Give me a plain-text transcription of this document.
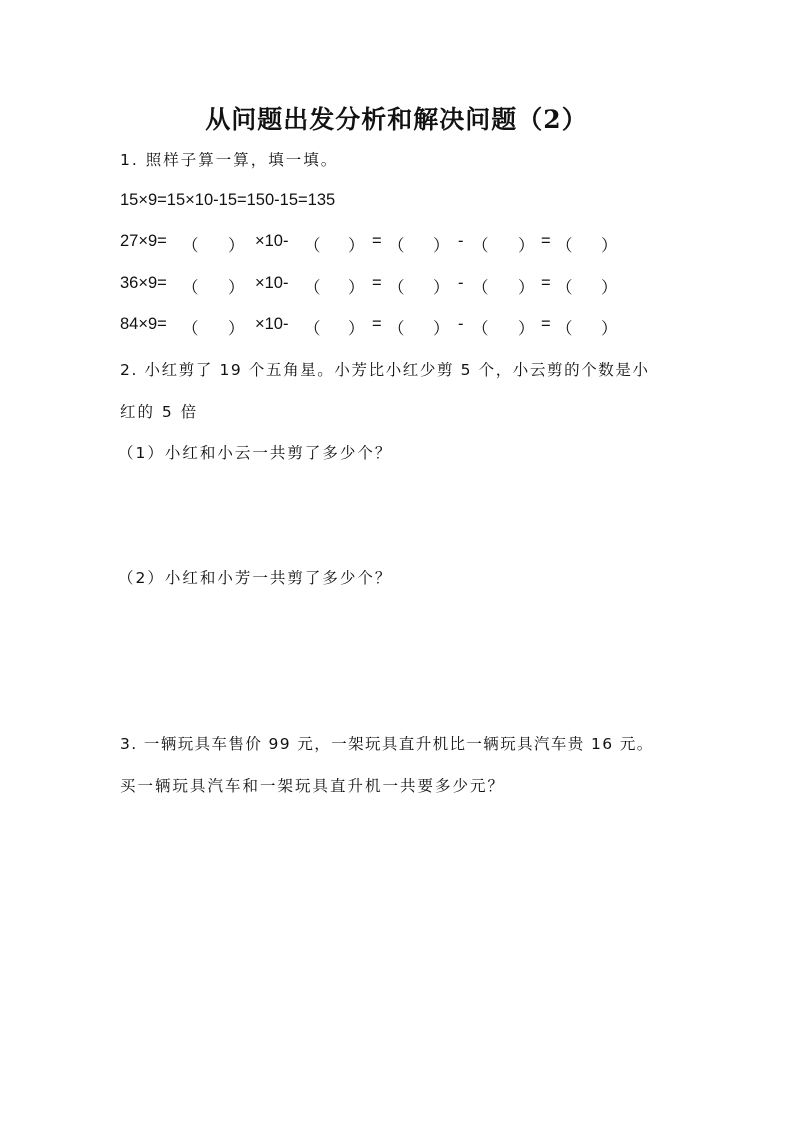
从问题出发分析和解决问题（2）
1. 照样子算一算，填一填。
15×9=15×10-15=150-15=135
27×9= （ ） ×10- （ ） = （ ） - （ ） = （ ）
36×9= （ ） ×10- （ ） = （ ） - （ ） = （ ）
84×9= （ ） ×10- （ ） = （ ） - （ ） = （ ）
2. 小红剪了 19 个五角星。小芳比小红少剪 5 个，小云剪的个数是小
红的 5 倍
（1）小红和小云一共剪了多少个？
（2）小红和小芳一共剪了多少个？
3. 一辆玩具车售价 99 元，一架玩具直升机比一辆玩具汽车贵 16 元。
买一辆玩具汽车和一架玩具直升机一共要多少元？
